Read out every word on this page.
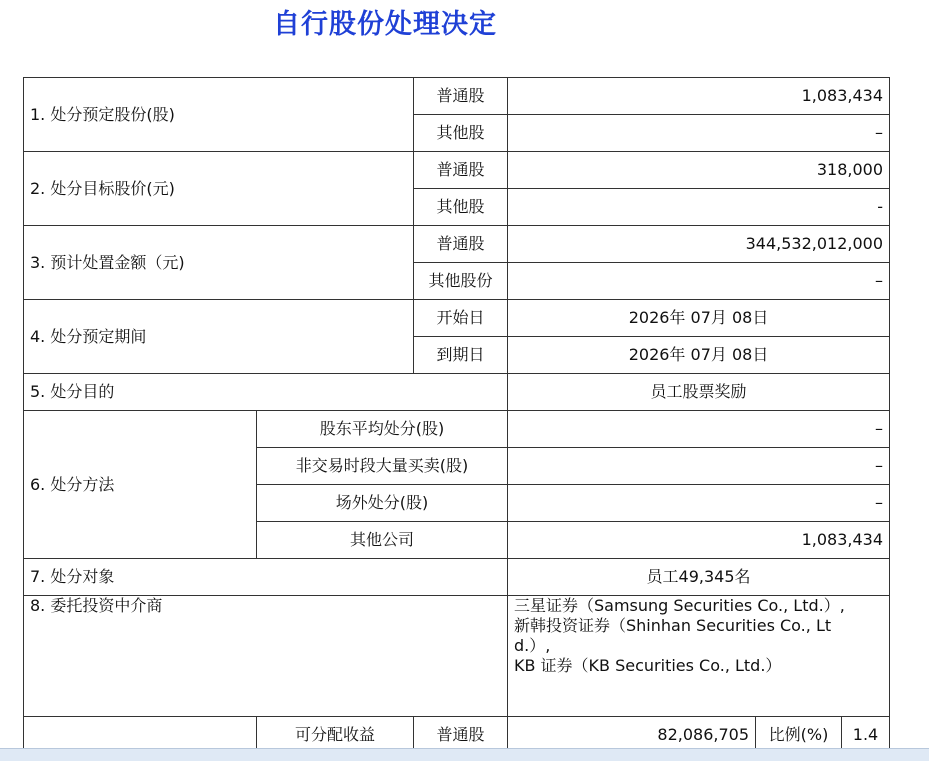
自行股份处理决定
1. 处分预定股份(股)		普通股	1,083,434		
		其他股	–		
2. 处分目标股价(元)		普通股	318,000		
		其他股	-		
3. 预计处置金额（元)		普通股	344,532,012,000		
		其他股份	–		
4. 处分预定期间		开始日	2026年 07月 08日		
		到期日	2026年 07月 08日		
5. 处分目的			员工股票奖励		
6. 处分方法	股东平均处分(股)		–		
	非交易时段大量买卖(股)		–		
	场外处分(股)		–		
	其他公司		1,083,434		
7. 处分对象			员工49,345名		
8. 委托投资中介商			三星证券（Samsung Securities Co., Ltd.）,
新韩投资证券（Shinhan Securities Co., Lt
d.）,
KB 证券（KB Securities Co., Ltd.）		

	可分配收益	普通股	82,086,705	比例(%)	1.4
